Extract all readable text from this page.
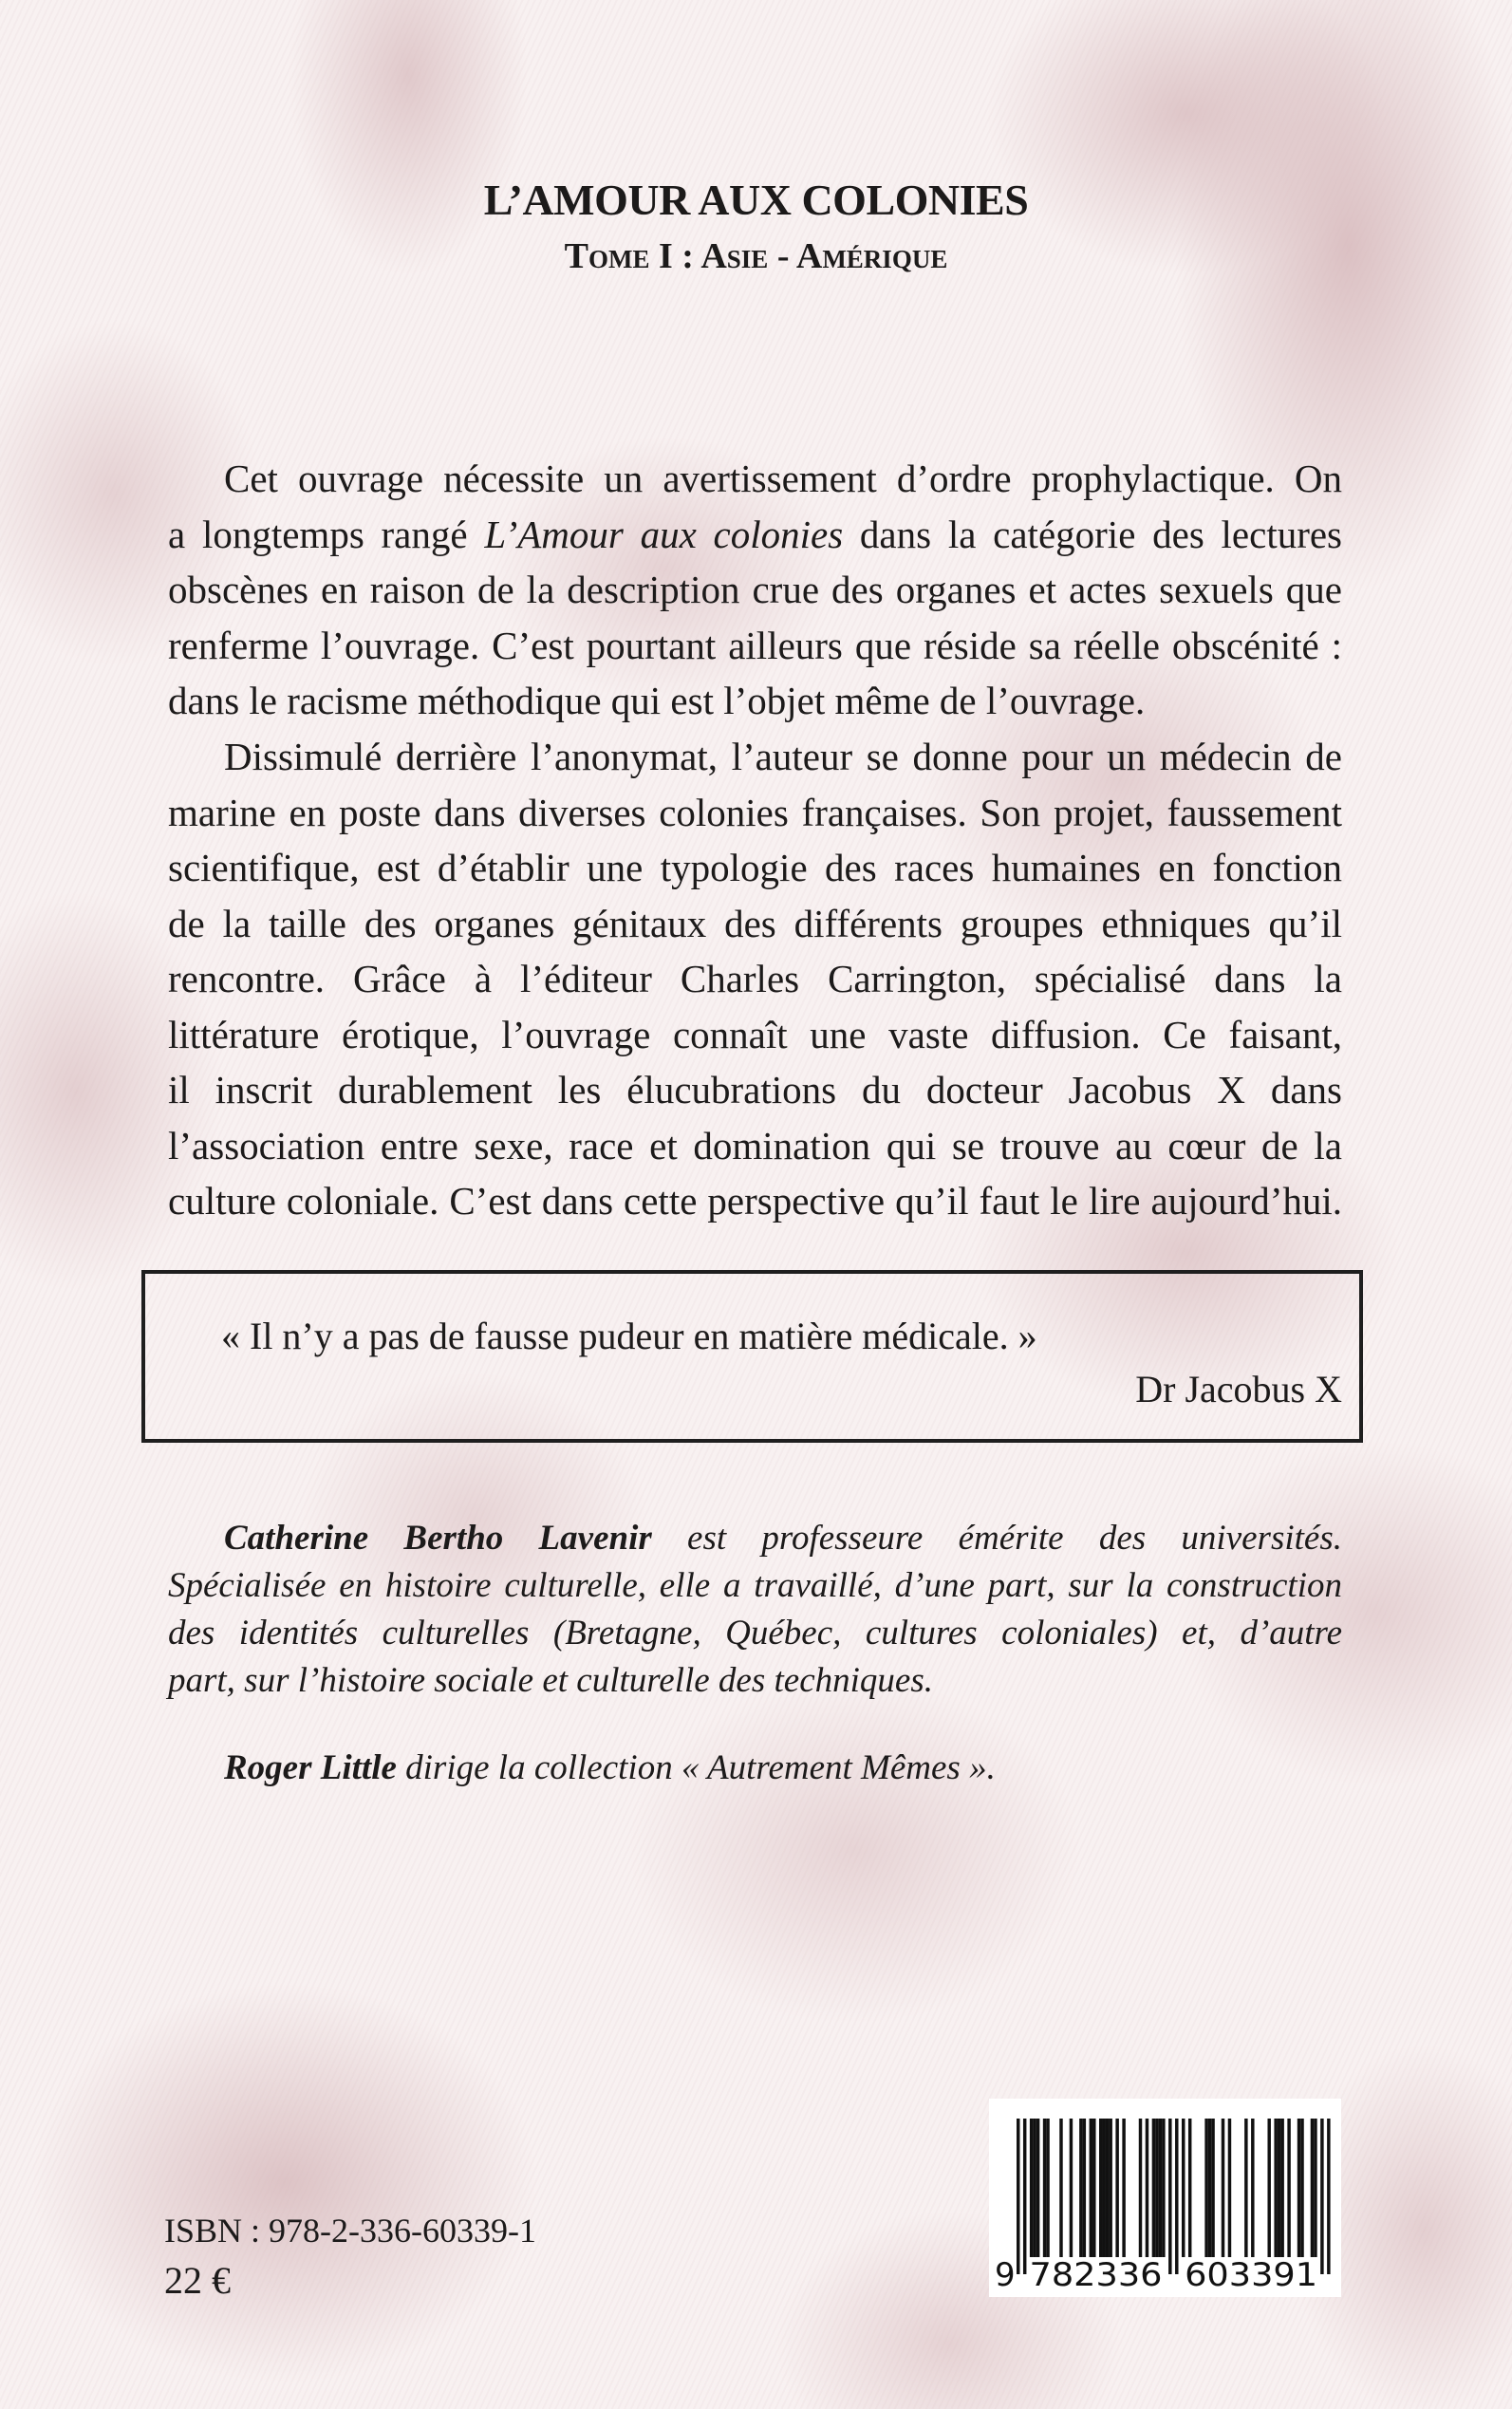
L’AMOUR AUX COLONIES
Tome I : Asie - Amérique
Cet ouvrage nécessite un avertissement d’ordre prophylactique. On
a longtemps rangé L’Amour aux colonies dans la catégorie des lectures
obscènes en raison de la description crue des organes et actes sexuels que
renferme l’ouvrage. C’est pourtant ailleurs que réside sa réelle obscénité :
dans le racisme méthodique qui est l’objet même de l’ouvrage.
Dissimulé derrière l’anonymat, l’auteur se donne pour un médecin de
marine en poste dans diverses colonies françaises. Son projet, faussement
scientifique, est d’établir une typologie des races humaines en fonction
de la taille des organes génitaux des différents groupes ethniques qu’il
rencontre. Grâce à l’éditeur Charles Carrington, spécialisé dans la
littérature érotique, l’ouvrage connaît une vaste diffusion. Ce faisant,
il inscrit durablement les élucubrations du docteur Jacobus X dans
l’association entre sexe, race et domination qui se trouve au cœur de la
culture coloniale. C’est dans cette perspective qu’il faut le lire aujourd’hui.
« Il n’y a pas de fausse pudeur en matière médicale. »
Dr Jacobus X
Catherine Bertho Lavenir est professeure émérite des universités.
Spécialisée en histoire culturelle, elle a travaillé, d’une part, sur la construction
des identités culturelles (Bretagne, Québec, cultures coloniales) et, d’autre
part, sur l’histoire sociale et culturelle des techniques.
Roger Little dirige la collection « Autrement Mêmes ».
ISBN : 978-2-336-60339-1
22 €	9 782336 603391
